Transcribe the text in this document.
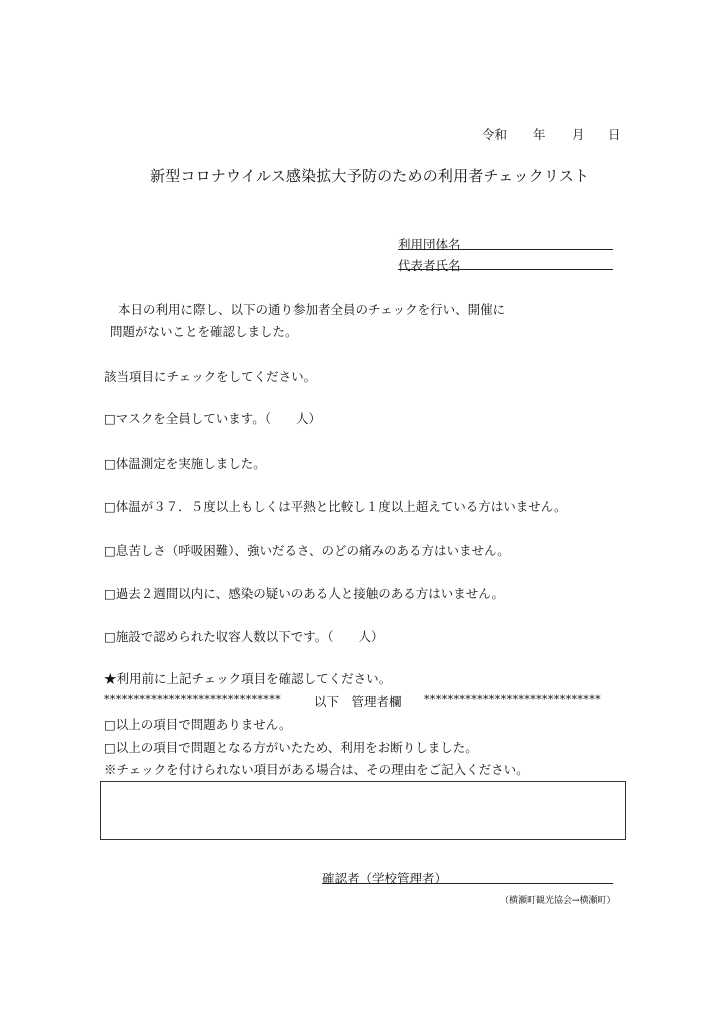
令和 年 月 日
新型コロナウイルス感染拡大予防のための利用者チェックリスト
利用団体名
代表者氏名
本日の利用に際し、以下の通り参加者全員のチェックを行い、開催に
問題がないことを確認しました。
該当項目にチェックをしてください。
□マスクを全員しています。（　　人）
□体温測定を実施しました。
□体温が３７．５度以上もしくは平熱と比較し１度以上超えている方はいません。
□息苦しさ（呼吸困難）、強いだるさ、のどの痛みのある方はいません。
□過去２週間以内に、感染の疑いのある人と接触のある方はいません。
□施設で認められた収容人数以下です。（　　人）
★利用前に上記チェック項目を確認してください。
******************************	以下　管理者欄 ******************************
□以上の項目で問題ありません。
□以上の項目で問題となる方がいたため、利用をお断りしました。
※チェックを付けられない項目がある場合は、その理由をご記入ください。
確認者（学校管理者）
（横瀬町観光協会→横瀬町）
